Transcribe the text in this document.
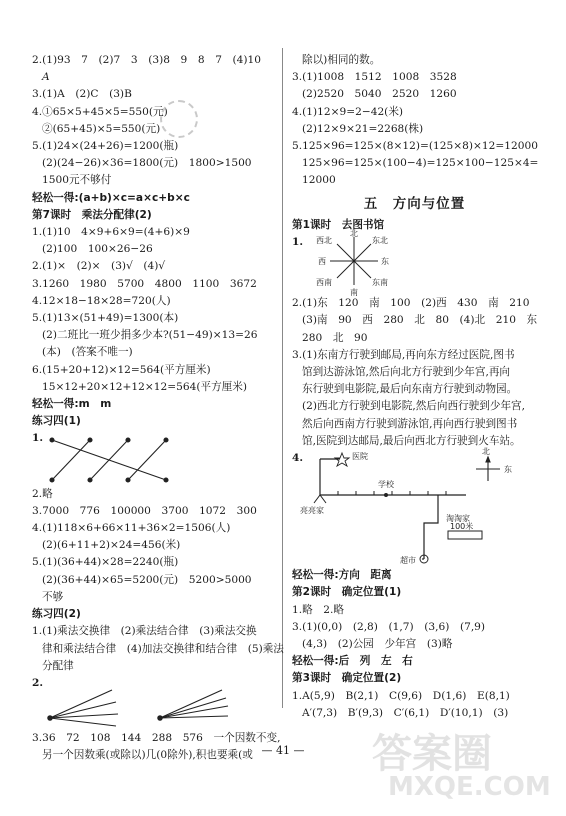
2.(1)93　7　(2)7　3　(3)8　9　8　7　(4)10
A
3.(1)A　(2)C　(3)B
4.①65×5+45×5=550(元)
②(65+45)×5=550(元)
5.(1)24×(24+26)=1200(瓶)
(2)(24−26)×36=1800(元)　1800>1500
1500元不够付
轻松一得:(a+b)×c=a×c+b×c
第7课时　乘法分配律(2)
1.(1)10　4×9+6×9=(4+6)×9
(2)100　100×26−26
2.(1)×　(2)×　(3)√　(4)√
3.1260　1980　5700　4800　1100　3672
4.12×18−18×28=720(人)
5.(1)13×(51+49)=1300(本)
(2)二班比一班少捐多少本?(51−49)×13=26
(本)　(答案不唯一)
6.(15+20+12)×12=564(平方厘米)
15×12+20×12+12×12=564(平方厘米)
轻松一得:m　m
练习四(1)
1.
2.略
3.7000　776　100000　3700　1072　300
4.(1)118×6+66×11+36×2=1506(人)
(2)(6+11+2)×24=456(米)
5.(1)(36+44)×28=2240(瓶)
(2)(36+44)×65=5200(元)　5200>5000
不够
练习四(2)
1.(1)乘法交换律　(2)乘法结合律　(3)乘法交换
律和乘法结合律　(4)加法交换律和结合律　(5)乘法
分配律
2.
3.36　72　108　144　288　576　一个因数不变,
另一个因数乘(或除以)几(0除外),积也要乘(或
除以)相同的数。
3.(1)1008　1512　1008　3528
(2)2520　5040　2520　1260
4.(1)12×9=2−42(米)
(2)12×9×21=2268(株)
5.125×96=125×(8×12)=(125×8)×12=12000
125×96=125×(100−4)=125×100−125×4=
12000
五　方向与位置
第1课时　去图书馆
1.
北
东北
东
东南
南
西南
西
西北
2.(1)东　120　南　100　(2)西　430　南　210
(3)南　90　西　280　北　80　(4)北　210　东
280　北　90
3.(1)东南方行驶到邮局,再向东方经过医院,图书
馆到达游泳馆,然后向北方行驶到少年宫,再向
东行驶到电影院,最后向东南方行驶到动物园。
(2)西北方行驶到电影院,然后向西行驶到少年宫,
然后向西南方行驶到游泳馆,再向西行驶到图书
馆,医院到达邮局,最后向西北方行驶到火车站。
4.	医院
学校
亮亮家
淘淘家
超市
100米
北
东
轻松一得:方向　距离
第2课时　确定位置(1)
1.略　2.略
3.(1)(0,0)　(2,8)　(1,7)　(3,6)　(7,9)
(4,3)　(2)公园　少年宫　(3)略
轻松一得:后　列　左　右
第3课时　确定位置(2)
1.A(5,9)　B(2,1)　C(9,6)　D(1,6)　E(8,1)
A′(7,3)　B′(9,3)　C′(6,1)　D′(10,1)　(3)
— 41 —	答案圈
MXQE.COM
